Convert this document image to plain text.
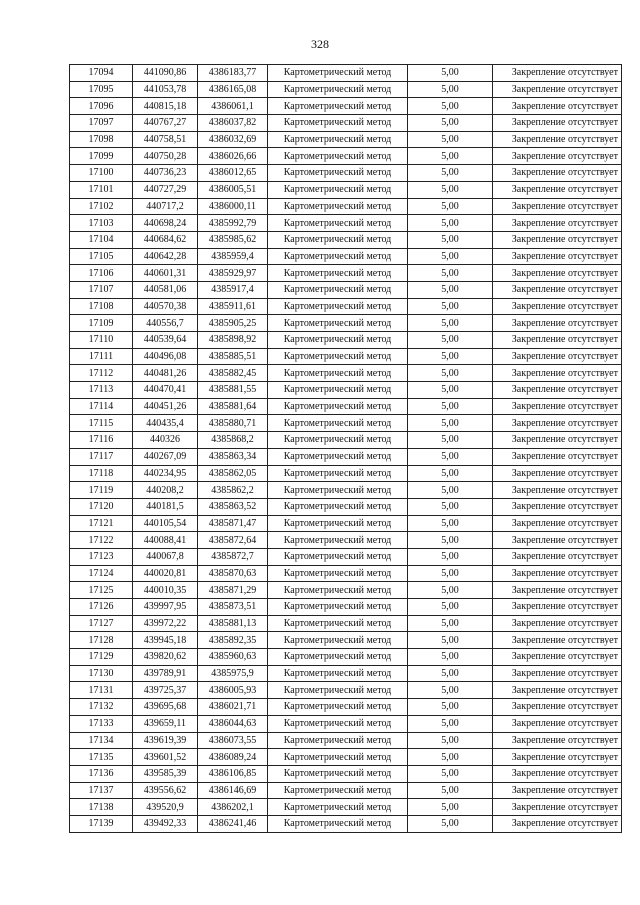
328
17094	441090,86	4386183,77	Картометрический метод	5,00	Закрепление отсутствует
17095	441053,78	4386165,08	Картометрический метод	5,00	Закрепление отсутствует
17096	440815,18	4386061,1	Картометрический метод	5,00	Закрепление отсутствует
17097	440767,27	4386037,82	Картометрический метод	5,00	Закрепление отсутствует
17098	440758,51	4386032,69	Картометрический метод	5,00	Закрепление отсутствует
17099	440750,28	4386026,66	Картометрический метод	5,00	Закрепление отсутствует
17100	440736,23	4386012,65	Картометрический метод	5,00	Закрепление отсутствует
17101	440727,29	4386005,51	Картометрический метод	5,00	Закрепление отсутствует
17102	440717,2	4386000,11	Картометрический метод	5,00	Закрепление отсутствует
17103	440698,24	4385992,79	Картометрический метод	5,00	Закрепление отсутствует
17104	440684,62	4385985,62	Картометрический метод	5,00	Закрепление отсутствует
17105	440642,28	4385959,4	Картометрический метод	5,00	Закрепление отсутствует
17106	440601,31	4385929,97	Картометрический метод	5,00	Закрепление отсутствует
17107	440581,06	4385917,4	Картометрический метод	5,00	Закрепление отсутствует
17108	440570,38	4385911,61	Картометрический метод	5,00	Закрепление отсутствует
17109	440556,7	4385905,25	Картометрический метод	5,00	Закрепление отсутствует
17110	440539,64	4385898,92	Картометрический метод	5,00	Закрепление отсутствует
17111	440496,08	4385885,51	Картометрический метод	5,00	Закрепление отсутствует
17112	440481,26	4385882,45	Картометрический метод	5,00	Закрепление отсутствует
17113	440470,41	4385881,55	Картометрический метод	5,00	Закрепление отсутствует
17114	440451,26	4385881,64	Картометрический метод	5,00	Закрепление отсутствует
17115	440435,4	4385880,71	Картометрический метод	5,00	Закрепление отсутствует
17116	440326	4385868,2	Картометрический метод	5,00	Закрепление отсутствует
17117	440267,09	4385863,34	Картометрический метод	5,00	Закрепление отсутствует
17118	440234,95	4385862,05	Картометрический метод	5,00	Закрепление отсутствует
17119	440208,2	4385862,2	Картометрический метод	5,00	Закрепление отсутствует
17120	440181,5	4385863,52	Картометрический метод	5,00	Закрепление отсутствует
17121	440105,54	4385871,47	Картометрический метод	5,00	Закрепление отсутствует
17122	440088,41	4385872,64	Картометрический метод	5,00	Закрепление отсутствует
17123	440067,8	4385872,7	Картометрический метод	5,00	Закрепление отсутствует
17124	440020,81	4385870,63	Картометрический метод	5,00	Закрепление отсутствует
17125	440010,35	4385871,29	Картометрический метод	5,00	Закрепление отсутствует
17126	439997,95	4385873,51	Картометрический метод	5,00	Закрепление отсутствует
17127	439972,22	4385881,13	Картометрический метод	5,00	Закрепление отсутствует
17128	439945,18	4385892,35	Картометрический метод	5,00	Закрепление отсутствует
17129	439820,62	4385960,63	Картометрический метод	5,00	Закрепление отсутствует
17130	439789,91	4385975,9	Картометрический метод	5,00	Закрепление отсутствует
17131	439725,37	4386005,93	Картометрический метод	5,00	Закрепление отсутствует
17132	439695,68	4386021,71	Картометрический метод	5,00	Закрепление отсутствует
17133	439659,11	4386044,63	Картометрический метод	5,00	Закрепление отсутствует
17134	439619,39	4386073,55	Картометрический метод	5,00	Закрепление отсутствует
17135	439601,52	4386089,24	Картометрический метод	5,00	Закрепление отсутствует
17136	439585,39	4386106,85	Картометрический метод	5,00	Закрепление отсутствует
17137	439556,62	4386146,69	Картометрический метод	5,00	Закрепление отсутствует
17138	439520,9	4386202,1	Картометрический метод	5,00	Закрепление отсутствует
17139	439492,33	4386241,46	Картометрический метод	5,00	Закрепление отсутствует
